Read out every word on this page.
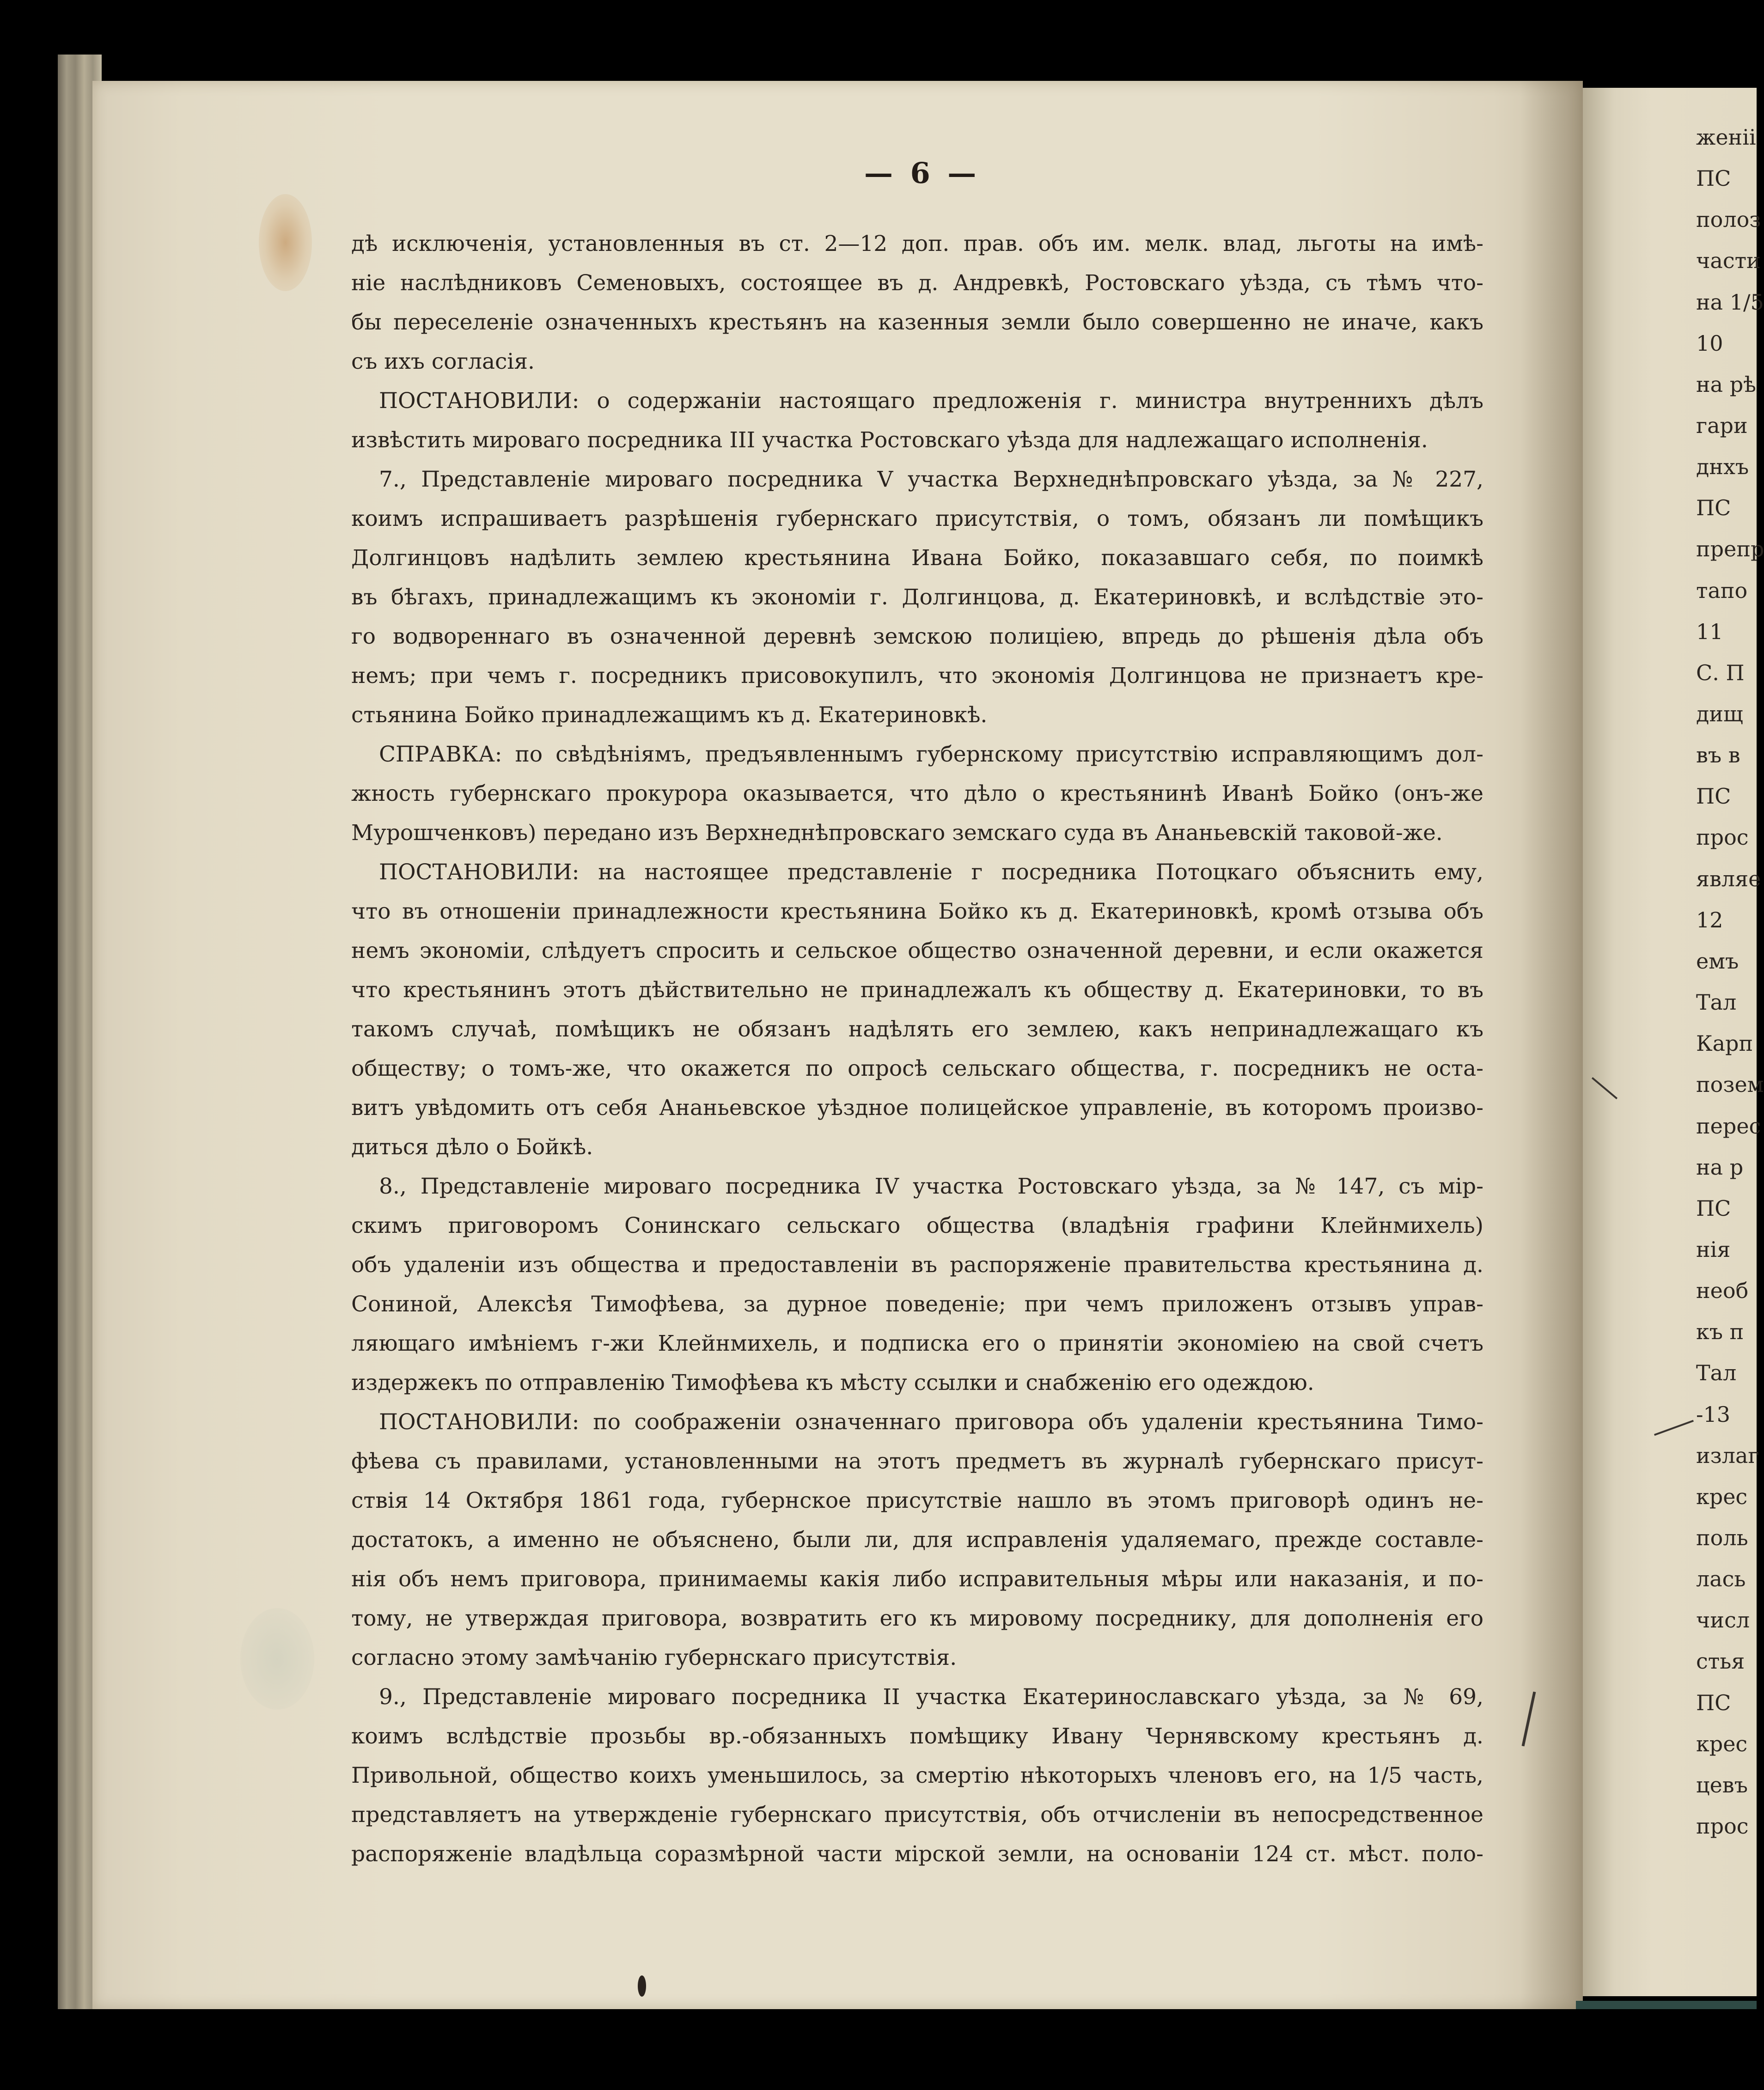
женіі
ПС
полоз
части
на 1/5
10
на рѣ
гари
днхъ
ПС
препр
тапо
11
С. П
дищ
въ в
ПС
прос
являе
12
емъ
Тал
Карп
позем
перес
на р
ПС
нія
необ
къ п
Тал
-13
излаг
крес
поль
лась
числ
стья
ПС
крес
цевъ
прос
— 6 —
дѣ исключенія, установленныя въ ст. 2—12 доп. прав. объ им. мелк. влад, льготы на имѣ-
ніе наслѣдниковъ Семеновыхъ, состоящее въ д. Андревкѣ, Ростовскаго уѣзда, съ тѣмъ что-
бы переселеніе означенныхъ крестьянъ на казенныя земли было совершенно не иначе, какъ
съ ихъ согласія.
ПОСТАНОВИЛИ: о содержаніи настоящаго предложенія г. министра внутреннихъ дѣлъ
извѣстить мироваго посредника III участка Ростовскаго уѣзда для надлежащаго исполненія.
7., Представленіе мироваго посредника V участка Верхнеднѣпровскаго уѣзда, за № 227,
коимъ испрашиваетъ разрѣшенія губернскаго присутствія, о томъ, обязанъ ли помѣщикъ
Долгинцовъ надѣлить землею крестьянина Ивана Бойко, показавшаго себя, по поимкѣ
въ бѣгахъ, принадлежащимъ къ экономіи г. Долгинцова, д. Екатериновкѣ, и вслѣдствіе это-
го водвореннаго въ означенной деревнѣ земскою полиціею, впредь до рѣшенія дѣла объ
немъ; при чемъ г. посредникъ присовокупилъ, что экономія Долгинцова не признаетъ кре-
стьянина Бойко принадлежащимъ къ д. Екатериновкѣ.
СПРАВКА: по свѣдѣніямъ, предъявленнымъ губернскому присутствію исправляющимъ дол-
жность губернскаго прокурора оказывается, что дѣло о крестьянинѣ Иванѣ Бойко (онъ-же
Мурошченковъ) передано изъ Верхнеднѣпровскаго земскаго суда въ Ананьевскій таковой-же.
ПОСТАНОВИЛИ: на настоящее представленіе г посредника Потоцкаго объяснить ему,
что въ отношеніи принадлежности крестьянина Бойко къ д. Екатериновкѣ, кромѣ отзыва объ
немъ экономіи, слѣдуетъ спросить и сельское общество означенной деревни, и если окажется
что крестьянинъ этотъ дѣйствительно не принадлежалъ къ обществу д. Екатериновки, то въ
такомъ случаѣ, помѣщикъ не обязанъ надѣлять его землею, какъ непринадлежащаго къ
обществу; о томъ-же, что окажется по опросѣ сельскаго общества, г. посредникъ не оста-
витъ увѣдомить отъ себя Ананьевское уѣздное полицейское управленіе, въ которомъ произво-
диться дѣло о Бойкѣ.
8., Представленіе мироваго посредника IV участка Ростовскаго уѣзда, за № 147, съ мір-
скимъ приговоромъ Сонинскаго сельскаго общества (владѣнія графини Клейнмихель)
объ удаленіи изъ общества и предоставленіи въ распоряженіе правительства крестьянина д.
Сониной, Алексѣя Тимофѣева, за дурное поведеніе; при чемъ приложенъ отзывъ управ-
ляющаго имѣніемъ г-жи Клейнмихель, и подписка его о принятіи экономіею на свой счетъ
издержекъ по отправленію Тимофѣева къ мѣсту ссылки и снабженію его одеждою.
ПОСТАНОВИЛИ: по соображеніи означеннаго приговора объ удаленіи крестьянина Тимо-
фѣева съ правилами, установленными на этотъ предметъ въ журналѣ губернскаго присут-
ствія 14 Октября 1861 года, губернское присутствіе нашло въ этомъ приговорѣ одинъ не-
достатокъ, а именно не объяснено, были ли, для исправленія удаляемаго, прежде составле-
нія объ немъ приговора, принимаемы какія либо исправительныя мѣры или наказанія, и по-
тому, не утверждая приговора, возвратить его къ мировому посреднику, для дополненія его
согласно этому замѣчанію губернскаго присутствія.
9., Представленіе мироваго посредника II участка Екатеринославскаго уѣзда, за № 69,
коимъ вслѣдствіе прозьбы вр.-обязанныхъ помѣщику Ивану Чернявскому крестьянъ д.
Привольной, общество коихъ уменьшилось, за смертію нѣкоторыхъ членовъ его, на 1/5 часть,
представляетъ на утвержденіе губернскаго присутствія, объ отчисленіи въ непосредственное
распоряженіе владѣльца соразмѣрной части мірской земли, на основаніи 124 ст. мѣст. поло-
